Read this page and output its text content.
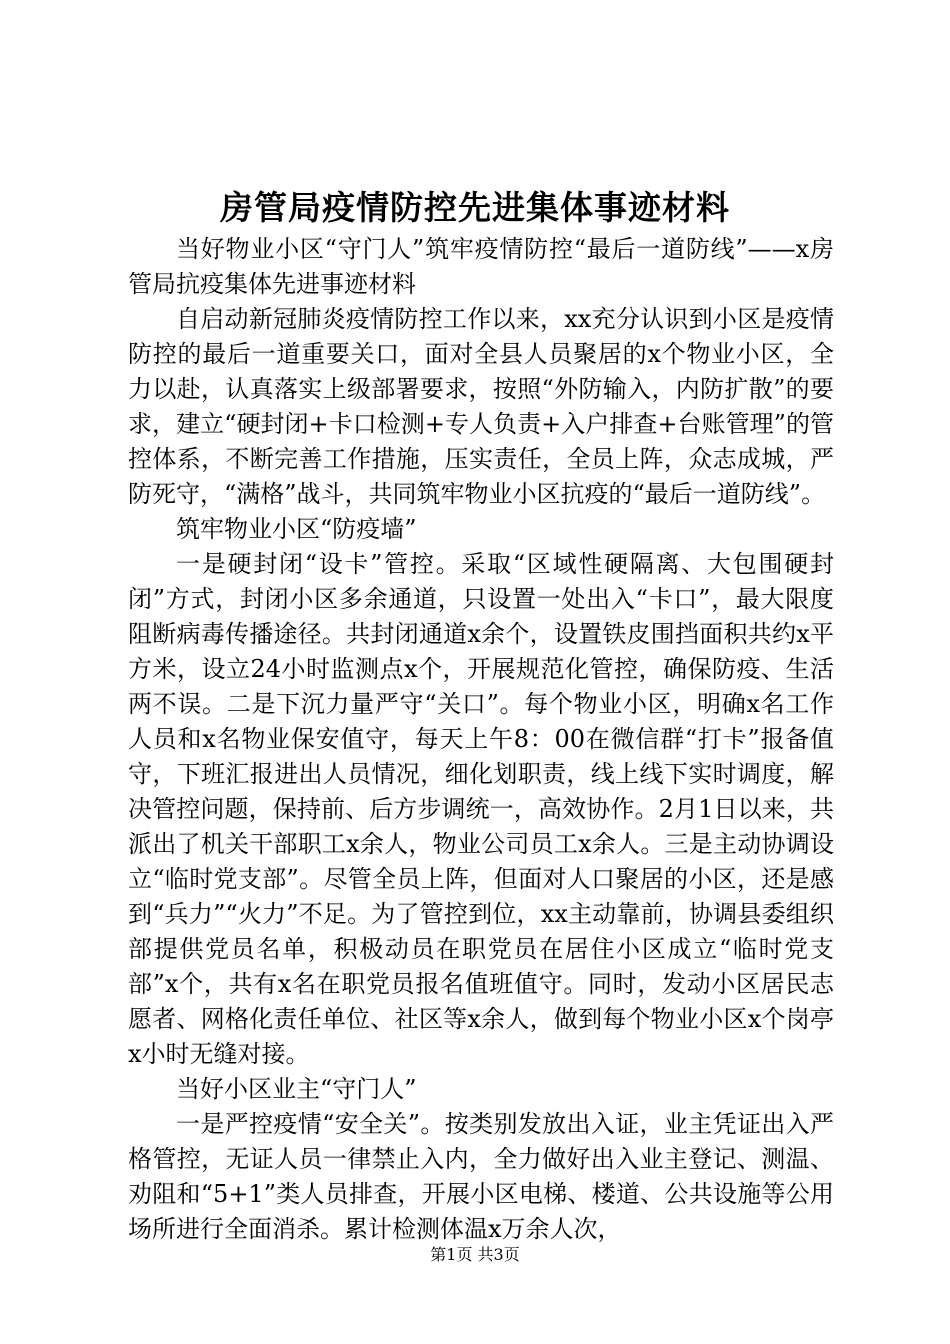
房管局疫情防控先进集体事迹材料

当好物业小区“守门人”筑牢疫情防控“最后一道防线”——x房管局抗疫集体先进事迹材料

自启动新冠肺炎疫情防控工作以来，xx充分认识到小区是疫情防控的最后一道重要关口，面对全县人员聚居的x个物业小区，全力以赴，认真落实上级部署要求，按照“外防输入，内防扩散”的要求，建立“硬封闭+卡口检测+专人负责+入户排查+台账管理”的管控体系，不断完善工作措施，压实责任，全员上阵，众志成城，严防死守，“满格”战斗，共同筑牢物业小区抗疫的“最后一道防线”。

筑牢物业小区“防疫墙”

一是硬封闭“设卡”管控。采取“区域性硬隔离、大包围硬封闭”方式，封闭小区多余通道，只设置一处出入“卡口”，最大限度阻断病毒传播途径。共封闭通道x余个，设置铁皮围挡面积共约x平方米，设立24小时监测点x个，开展规范化管控，确保防疫、生活两不误。二是下沉力量严守“关口”。每个物业小区，明确x名工作人员和x名物业保安值守，每天上午8：00在微信群“打卡”报备值守，下班汇报进出人员情况，细化划职责，线上线下实时调度，解决管控问题，保持前、后方步调统一，高效协作。2月1日以来，共派出了机关干部职工x余人，物业公司员工x余人。三是主动协调设立“临时党支部”。尽管全员上阵，但面对人口聚居的小区，还是感到“兵力”“火力”不足。为了管控到位，xx主动靠前，协调县委组织部提供党员名单，积极动员在职党员在居住小区成立“临时党支部”x个，共有x名在职党员报名值班值守。同时，发动小区居民志愿者、网格化责任单位、社区等x余人，做到每个物业小区x个岗亭x小时无缝对接。

当好小区业主“守门人”

一是严控疫情“安全关”。按类别发放出入证，业主凭证出入严格管控，无证人员一律禁止入内，全力做好出入业主登记、测温、劝阻和“5+1”类人员排查，开展小区电梯、楼道、公共设施等公用场所进行全面消杀。累计检测体温x万余人次，

第1页 共3页
